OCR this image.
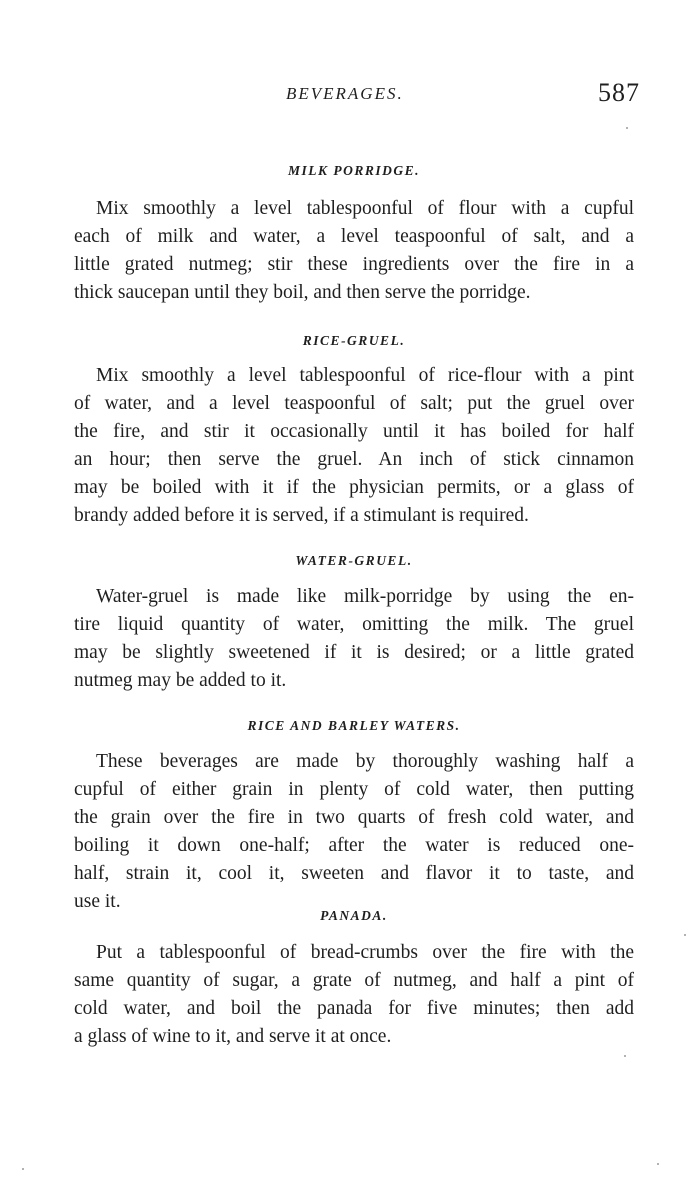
BEVERAGES.	587
MILK PORRIDGE.
Mix smoothly a level tablespoonful of flour with a cupful
each of milk and water, a level teaspoonful of salt, and a
little grated nutmeg; stir these ingredients over the fire in a
thick saucepan until they boil, and then serve the porridge.
RICE-GRUEL.
Mix smoothly a level tablespoonful of rice-flour with a pint
of water, and a level teaspoonful of salt; put the gruel over
the fire, and stir it occasionally until it has boiled for half
an hour; then serve the gruel. An inch of stick cinnamon
may be boiled with it if the physician permits, or a glass of
brandy added before it is served, if a stimulant is required.
WATER-GRUEL.
Water-gruel is made like milk-porridge by using the en-
tire liquid quantity of water, omitting the milk. The gruel
may be slightly sweetened if it is desired; or a little grated
nutmeg may be added to it.
RICE AND BARLEY WATERS.
These beverages are made by thoroughly washing half a
cupful of either grain in plenty of cold water, then putting
the grain over the fire in two quarts of fresh cold water, and
boiling it down one-half; after the water is reduced one-
half, strain it, cool it, sweeten and flavor it to taste, and
use it.
PANADA.
Put a tablespoonful of bread-crumbs over the fire with the
same quantity of sugar, a grate of nutmeg, and half a pint of
cold water, and boil the panada for five minutes; then add
a glass of wine to it, and serve it at once.
